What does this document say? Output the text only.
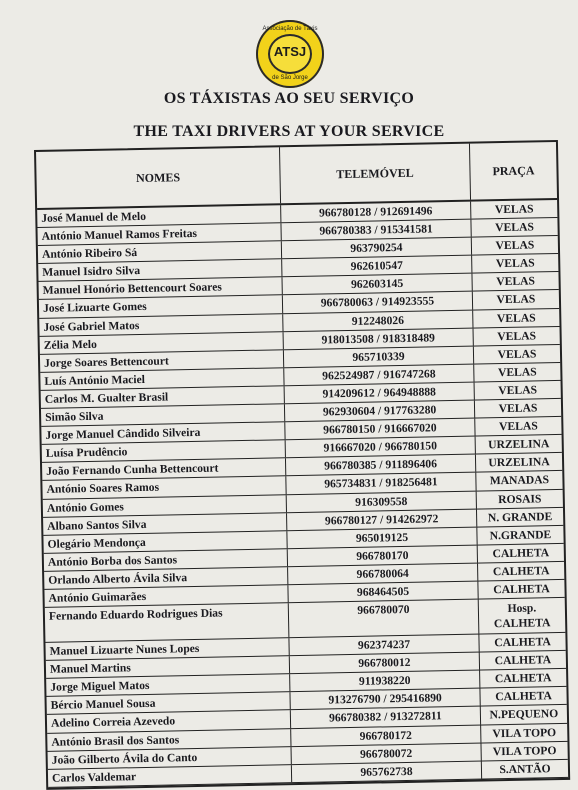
Associação de Táxis
ATSJ
de São Jorge
OS TÁXISTAS AO SEU SERVIÇO
THE TAXI DRIVERS AT YOUR SERVICE
NOMES	TELEMÓVEL	PRAÇA
José Manuel de Melo	966780128 / 912691496	VELAS
António Manuel Ramos Freitas	966780383 / 915341581	VELAS
António Ribeiro Sá	963790254	VELAS
Manuel Isidro Silva	962610547	VELAS
Manuel Honório Bettencourt Soares	962603145	VELAS
José Lizuarte Gomes	966780063 / 914923555	VELAS
José Gabriel Matos	912248026	VELAS
Zélia Melo	918013508 / 918318489	VELAS
Jorge Soares Bettencourt	965710339	VELAS
Luís António Maciel	962524987 / 916747268	VELAS
Carlos M. Gualter Brasil	914209612 / 964948888	VELAS
Simão Silva	962930604 / 917763280	VELAS
Jorge Manuel Cândido Silveira	966780150 / 916667020	VELAS
Luísa Prudêncio	916667020 / 966780150	URZELINA
João Fernando Cunha Bettencourt	966780385 / 911896406	URZELINA
António Soares Ramos	965734831 / 918256481	MANADAS
António Gomes	916309558	ROSAIS
Albano Santos Silva	966780127 / 914262972	N. GRANDE
Olegário Mendonça	965019125	N.GRANDE
António Borba dos Santos	966780170	CALHETA
Orlando Alberto Ávila Silva	966780064	CALHETA
António Guimarães	968464505	CALHETA
Fernando Eduardo Rodrigues Dias	966780070	Hosp. CALHETA
Manuel Lizuarte Nunes Lopes	962374237	CALHETA
Manuel Martins	966780012	CALHETA
Jorge Miguel Matos	911938220	CALHETA
Bércio Manuel Sousa	913276790 / 295416890	CALHETA
Adelino Correia Azevedo	966780382 / 913272811	N.PEQUENO
António Brasil dos Santos	966780172	VILA TOPO
João Gilberto Ávila do Canto	966780072	VILA TOPO
Carlos Valdemar	965762738	S.ANTÃO
